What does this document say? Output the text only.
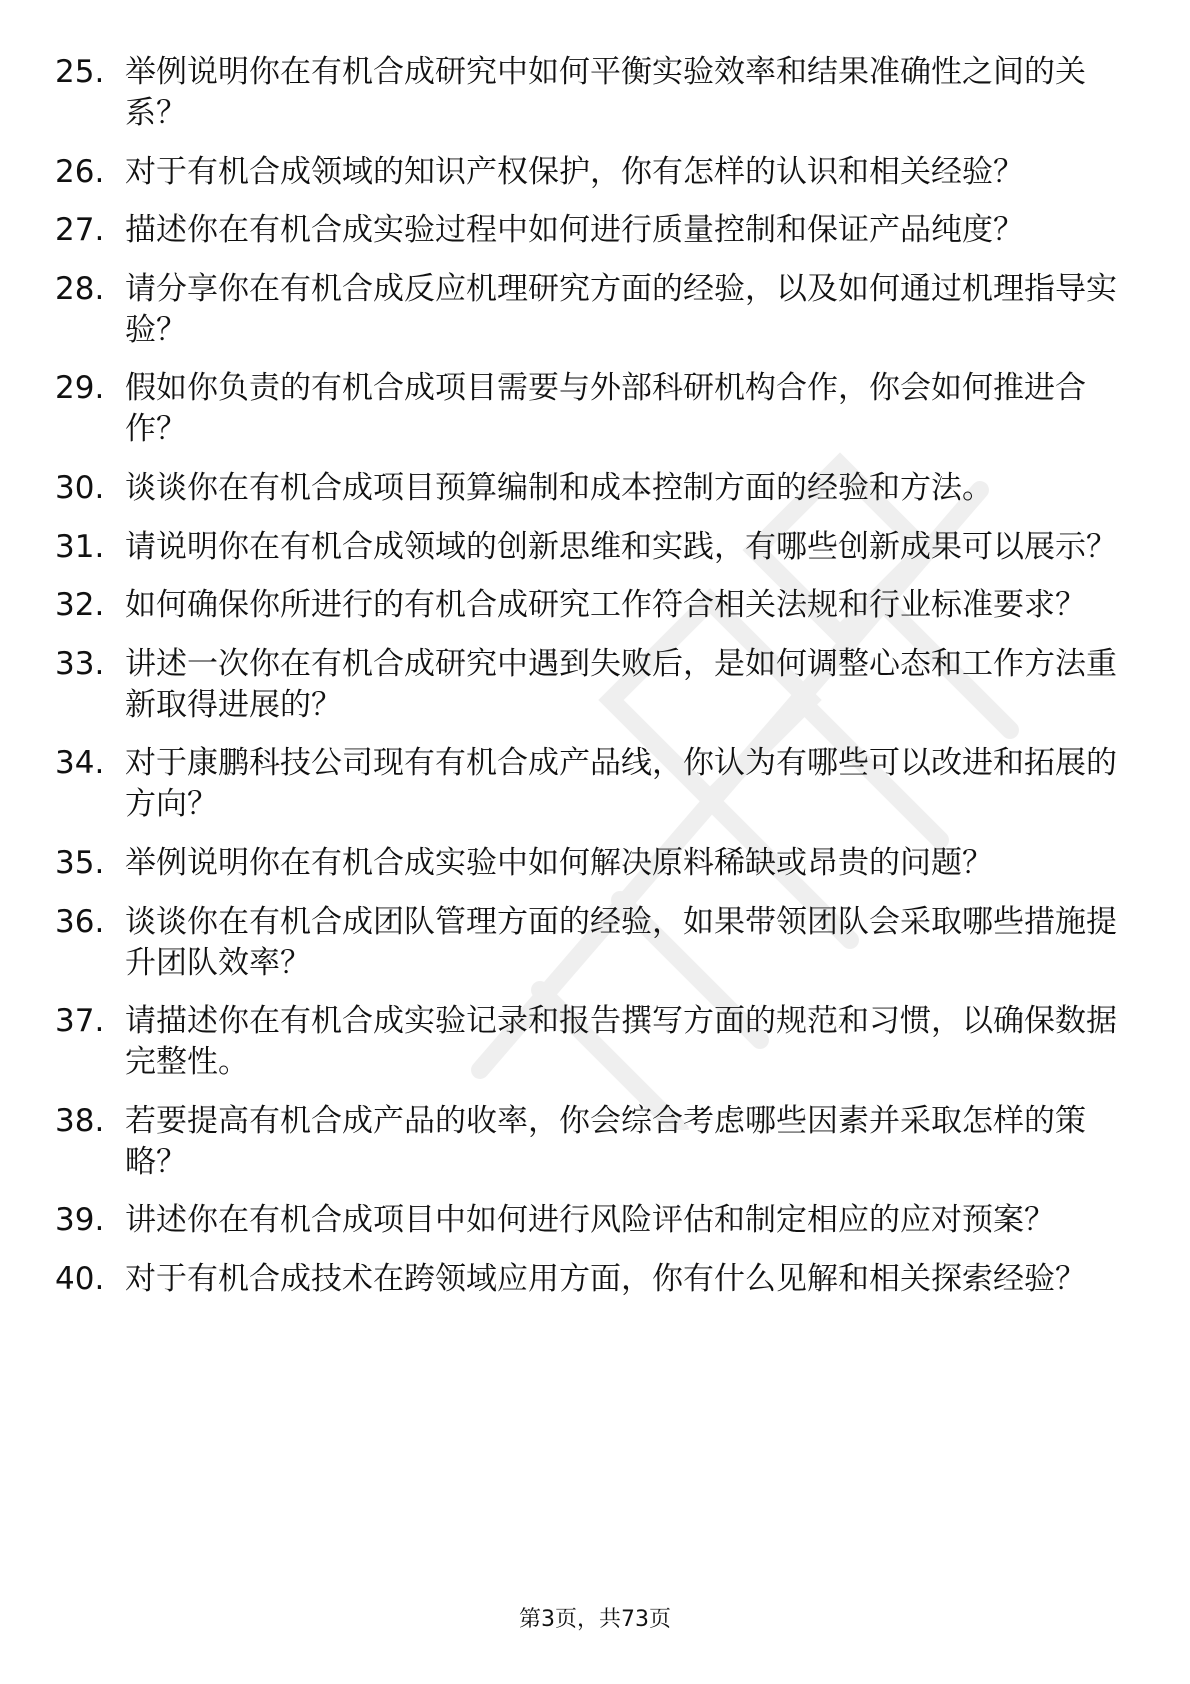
25. 举例说明你在有机合成研究中如何平衡实验效率和结果准确性之间的关系？
26. 对于有机合成领域的知识产权保护，你有怎样的认识和相关经验？
27. 描述你在有机合成实验过程中如何进行质量控制和保证产品纯度？
28. 请分享你在有机合成反应机理研究方面的经验，以及如何通过机理指导实验？
29. 假如你负责的有机合成项目需要与外部科研机构合作，你会如何推进合作？
30. 谈谈你在有机合成项目预算编制和成本控制方面的经验和方法。
31. 请说明你在有机合成领域的创新思维和实践，有哪些创新成果可以展示？
32. 如何确保你所进行的有机合成研究工作符合相关法规和行业标准要求？
33. 讲述一次你在有机合成研究中遇到失败后，是如何调整心态和工作方法重新取得进展的？
34. 对于康鹏科技公司现有有机合成产品线，你认为有哪些可以改进和拓展的方向？
35. 举例说明你在有机合成实验中如何解决原料稀缺或昂贵的问题？
36. 谈谈你在有机合成团队管理方面的经验，如果带领团队会采取哪些措施提升团队效率？
37. 请描述你在有机合成实验记录和报告撰写方面的规范和习惯，以确保数据完整性。
38. 若要提高有机合成产品的收率，你会综合考虑哪些因素并采取怎样的策略？
39. 讲述你在有机合成项目中如何进行风险评估和制定相应的应对预案？
40. 对于有机合成技术在跨领域应用方面，你有什么见解和相关探索经验？
第3页，共73页
